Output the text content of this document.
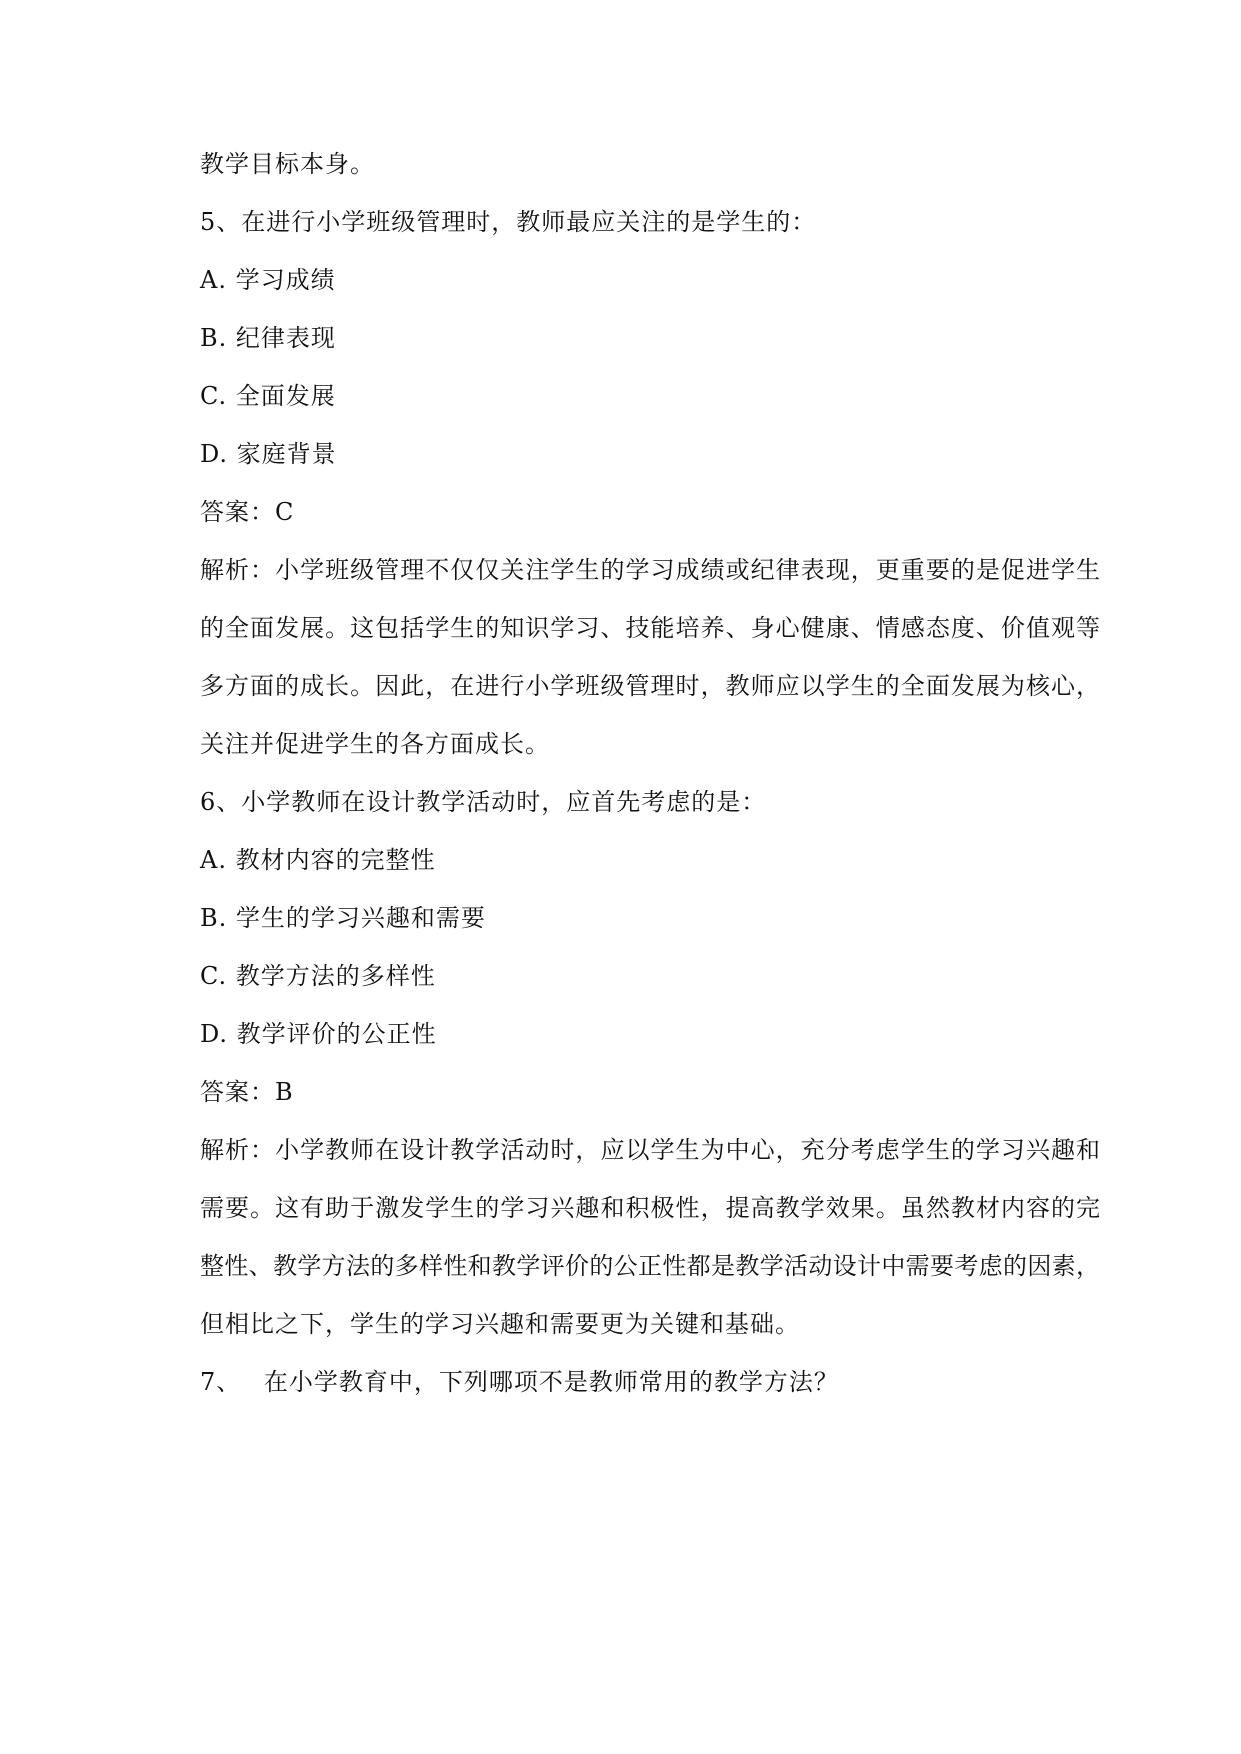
教学目标本身。
5、在进行小学班级管理时，教师最应关注的是学生的：
A. 学习成绩
B. 纪律表现
C. 全面发展
D. 家庭背景
答案：C
解析：小学班级管理不仅仅关注学生的学习成绩或纪律表现，更重要的是促进学生
的全面发展。这包括学生的知识学习、技能培养、身心健康、情感态度、价值观等
多方面的成长。因此，在进行小学班级管理时，教师应以学生的全面发展为核心，
关注并促进学生的各方面成长。
6、小学教师在设计教学活动时，应首先考虑的是：
A. 教材内容的完整性
B. 学生的学习兴趣和需要
C. 教学方法的多样性
D. 教学评价的公正性
答案：B
解析：小学教师在设计教学活动时，应以学生为中心，充分考虑学生的学习兴趣和
需要。这有助于激发学生的学习兴趣和积极性，提高教学效果。虽然教材内容的完
整性、教学方法的多样性和教学评价的公正性都是教学活动设计中需要考虑的因素，
但相比之下，学生的学习兴趣和需要更为关键和基础。
7、 在小学教育中，下列哪项不是教师常用的教学方法？
